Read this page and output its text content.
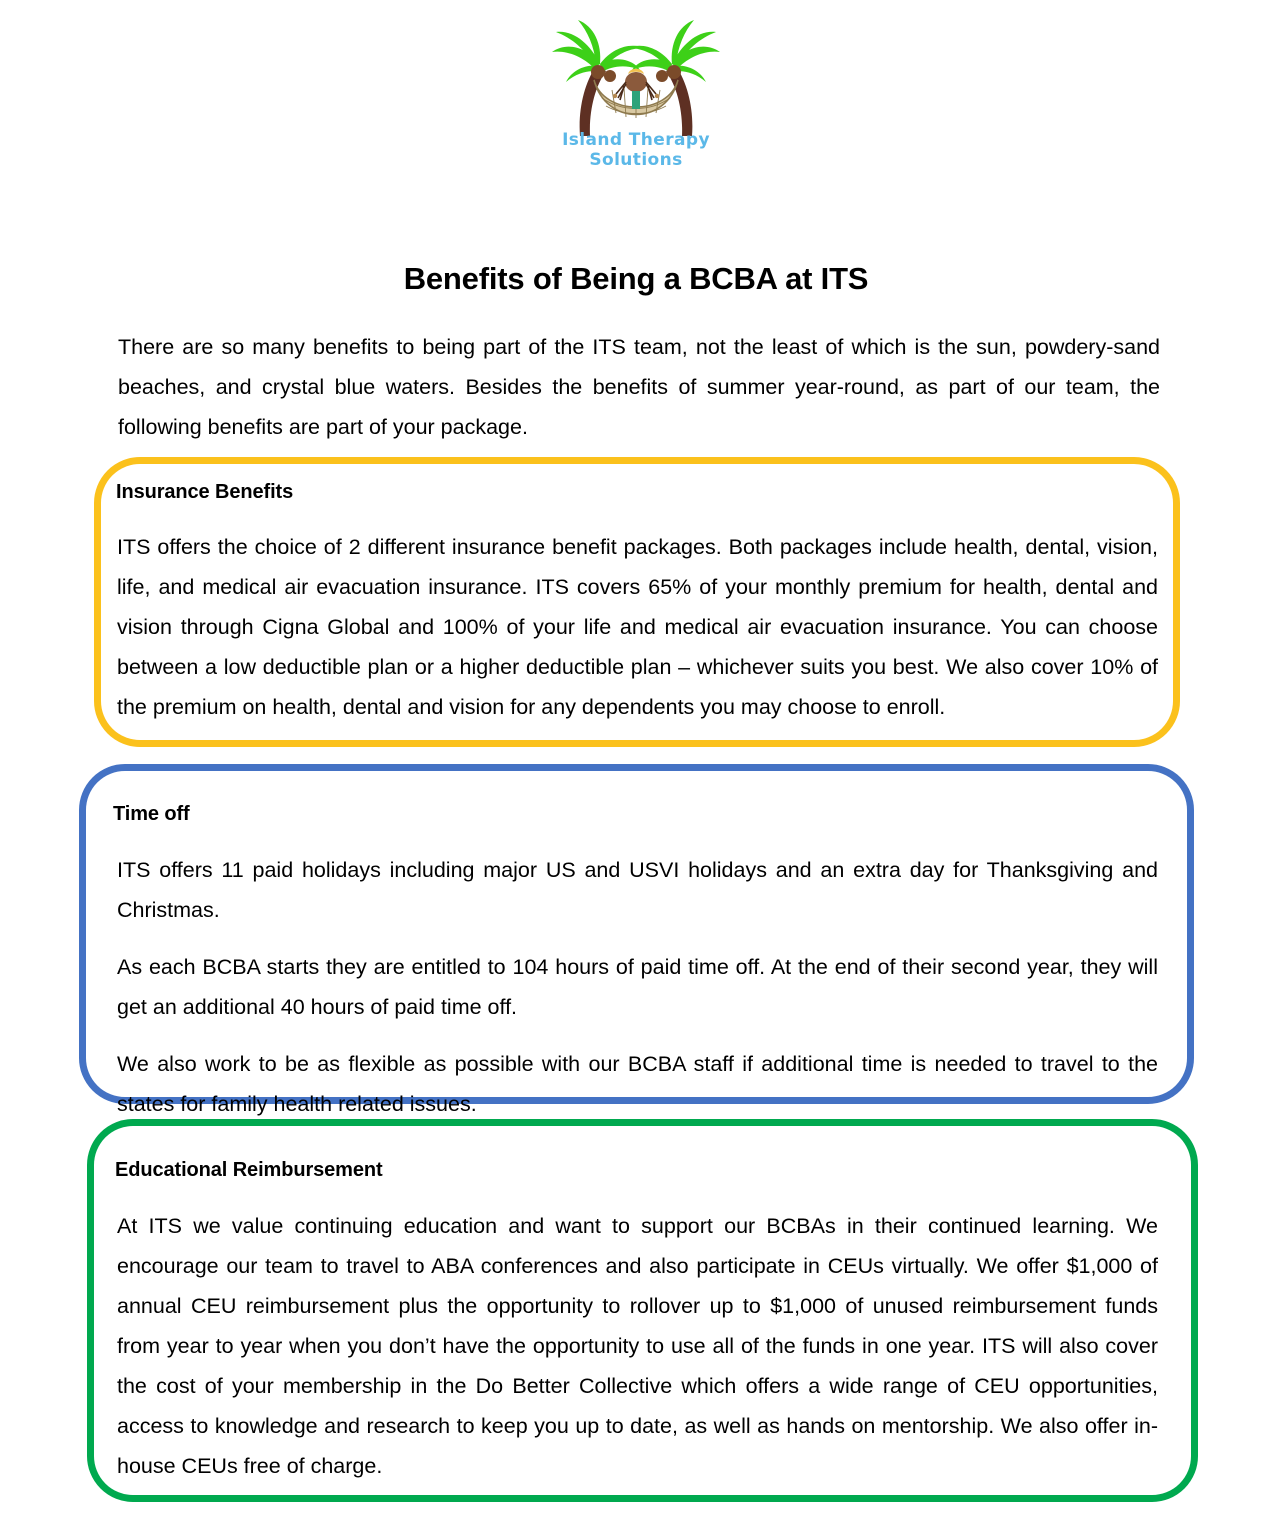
Island Therapy
Solutions
Benefits of Being a BCBA at ITS

There are so many benefits to being part of the ITS team, not the least of which is the sun, powdery-sand beaches, and crystal blue waters. Besides the benefits of summer year-round, as part of our team, the following benefits are part of your package.

Insurance Benefits

ITS offers the choice of 2 different insurance benefit packages. Both packages include health, dental, vision, life, and medical air evacuation insurance. ITS covers 65% of your monthly premium for health, dental and vision through Cigna Global and 100% of your life and medical air evacuation insurance. You can choose between a low deductible plan or a higher deductible plan – whichever suits you best. We also cover 10% of the premium on health, dental and vision for any dependents you may choose to enroll.

Time off

ITS offers 11 paid holidays including major US and USVI holidays and an extra day for Thanksgiving and Christmas.

As each BCBA starts they are entitled to 104 hours of paid time off. At the end of their second year, they will get an additional 40 hours of paid time off.

We also work to be as flexible as possible with our BCBA staff if additional time is needed to travel to the states for family health related issues.

Educational Reimbursement

At ITS we value continuing education and want to support our BCBAs in their continued learning. We encourage our team to travel to ABA conferences and also participate in CEUs virtually. We offer $1,000 of annual CEU reimbursement plus the opportunity to rollover up to $1,000 of unused reimbursement funds from year to year when you don’t have the opportunity to use all of the funds in one year. ITS will also cover the cost of your membership in the Do Better Collective which offers a wide range of CEU opportunities, access to knowledge and research to keep you up to date, as well as hands on mentorship. We also offer in-house CEUs free of charge.
